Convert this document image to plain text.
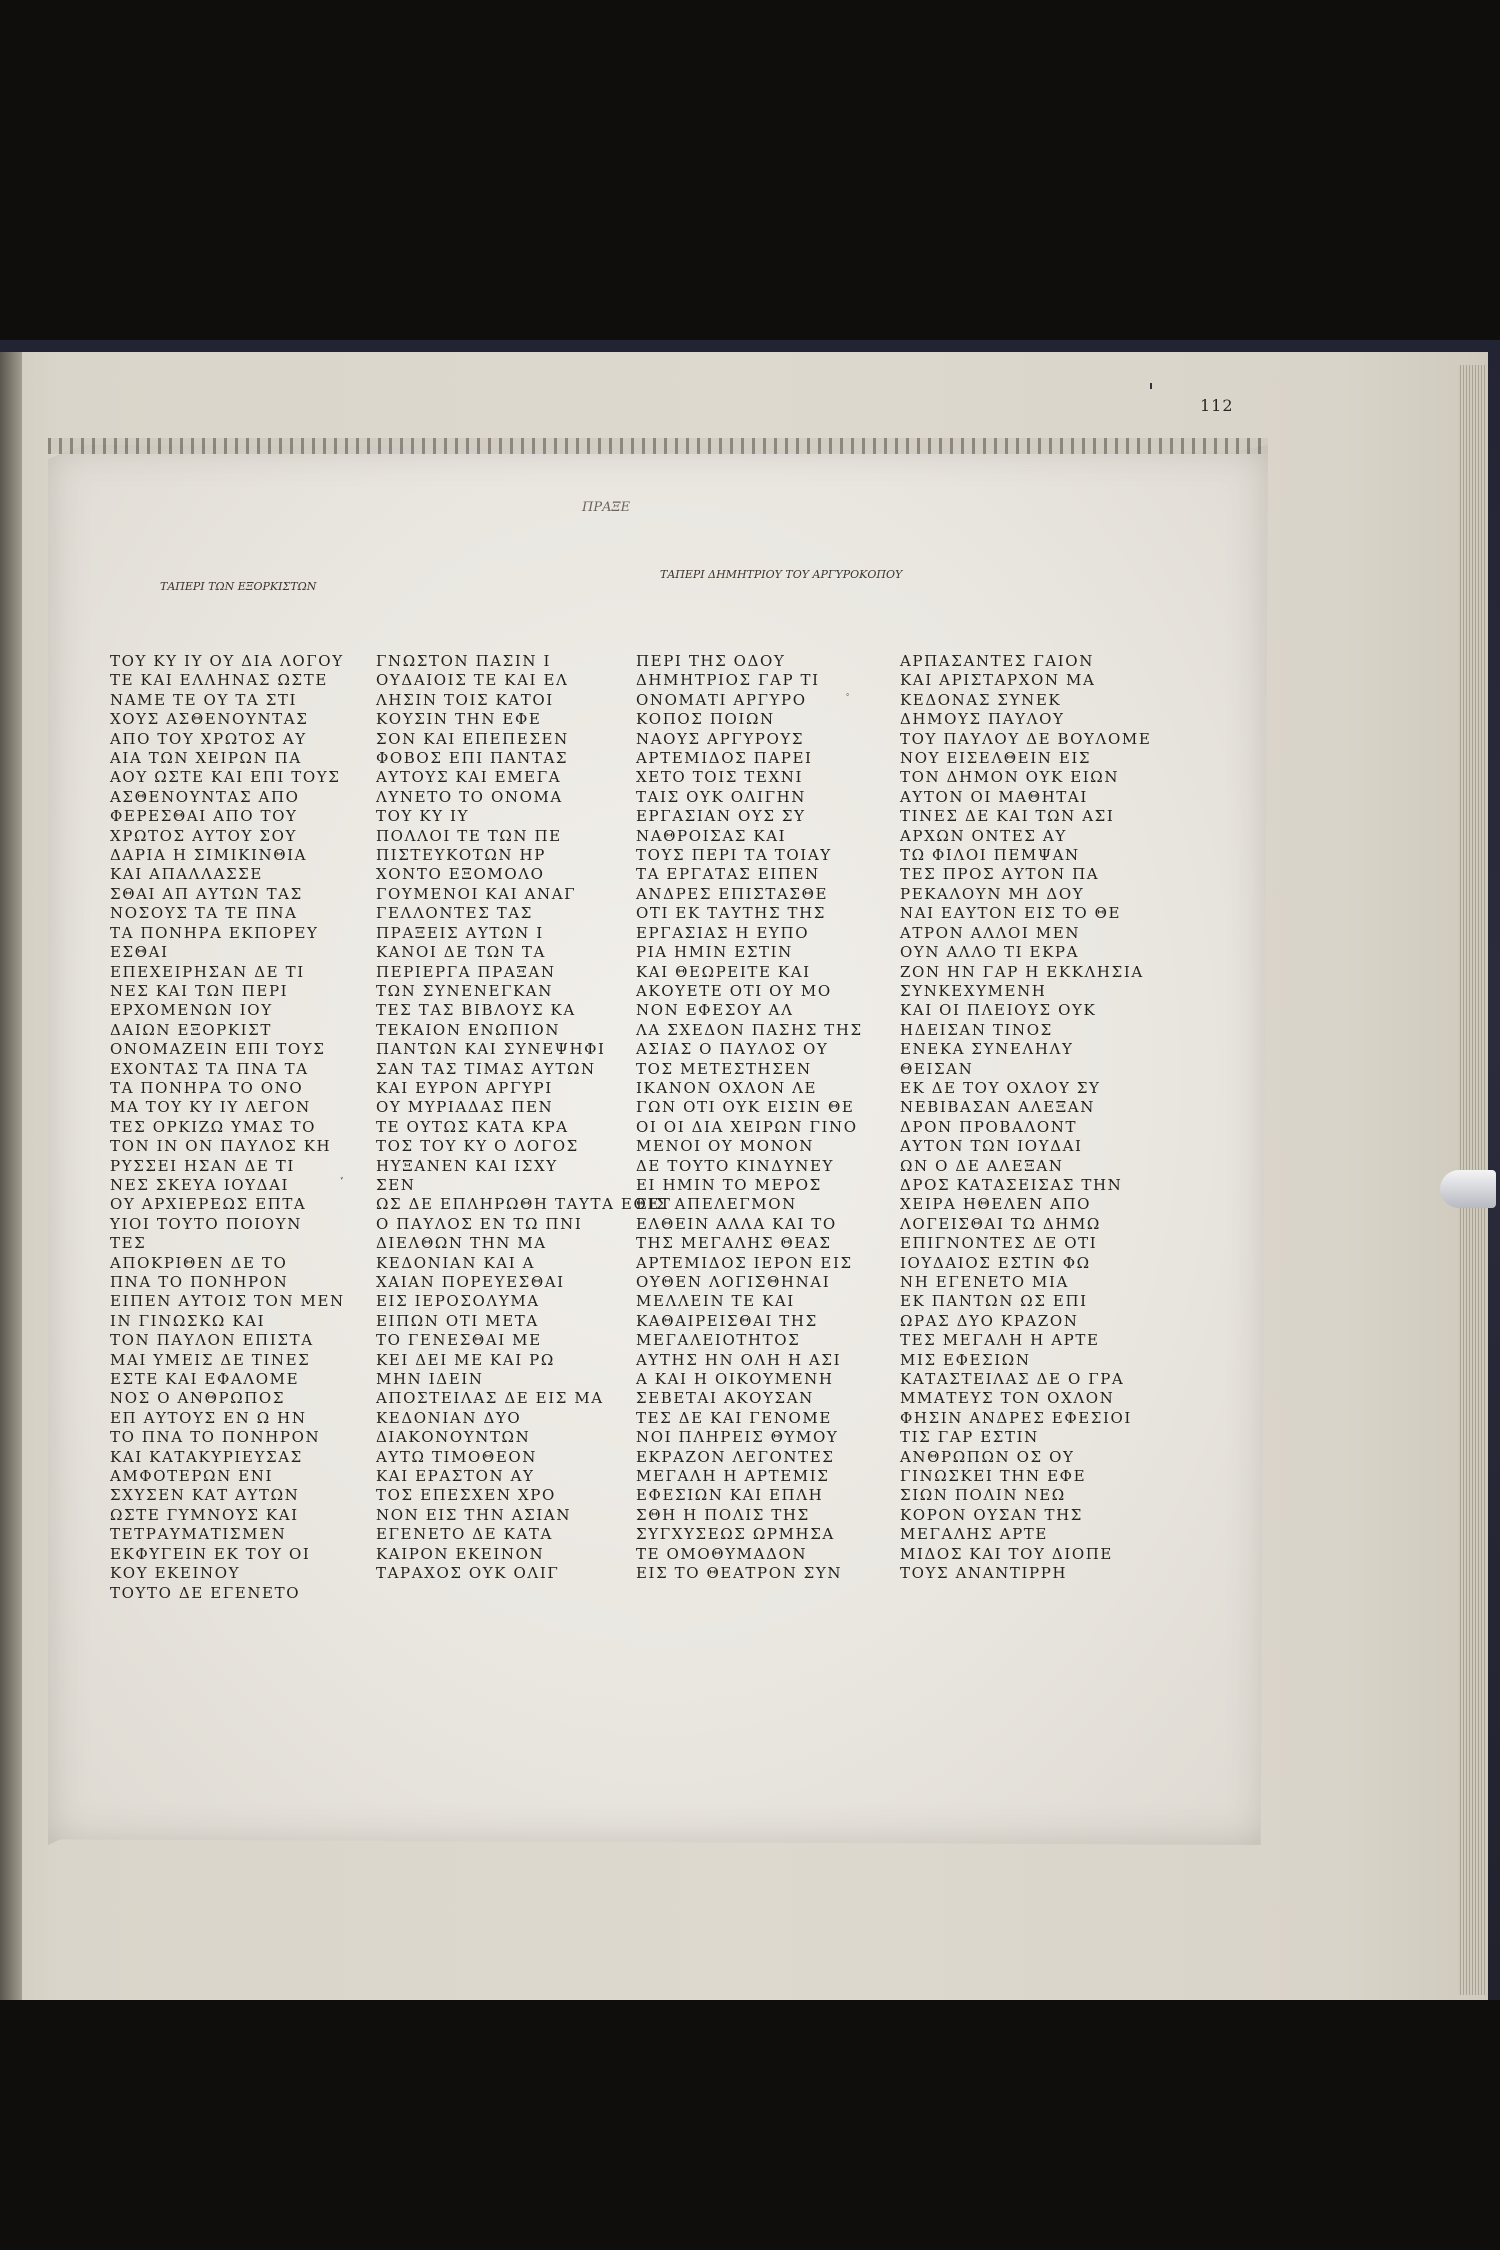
112
ΠΡΑΞΕ
ΤΑΠΕΡΙ ΤΩΝ ΕΞΟΡΚΙΣΤΩΝ
ΤΑΠΕΡΙ ΔΗΜΗΤΡΙΟΥ ΤΟΥ ΑΡΓΥΡΟΚΟΠΟΥ
ﾞ
ﾟ
ΤΟΥ ΚΥ ΙΥ ΟΥ ΔΙΑ ΛΟΓΟΥ
ΤΕ ΚΑΙ ΕΛΛΗΝΑΣ ΩΣΤΕ
ΝΑΜΕ ΤΕ ΟΥ ΤΑ ΣΤΙ
ΧΟΥΣ ΑΣΘΕΝΟΥΝΤΑΣ
ΑΠΟ ΤΟΥ ΧΡΩΤΟΣ ΑΥ
ΑΙΑ ΤΩΝ ΧΕΙΡΩΝ ΠΑ
ΑΟΥ ΩΣΤΕ ΚΑΙ ΕΠΙ ΤΟΥΣ
ΑΣΘΕΝΟΥΝΤΑΣ ΑΠΟ
ΦΕΡΕΣΘΑΙ ΑΠΟ ΤΟΥ
ΧΡΩΤΟΣ ΑΥΤΟΥ ΣΟΥ
ΔΑΡΙΑ Η ΣΙΜΙΚΙΝΘΙΑ
ΚΑΙ ΑΠΑΛΛΑΣΣΕ
ΣΘΑΙ ΑΠ ΑΥΤΩΝ ΤΑΣ
ΝΟΣΟΥΣ ΤΑ ΤΕ ΠΝΑ
ΤΑ ΠΟΝΗΡΑ ΕΚΠΟΡΕΥ
ΕΣΘΑΙ
ΕΠΕΧΕΙΡΗΣΑΝ ΔΕ ΤΙ
ΝΕΣ ΚΑΙ ΤΩΝ ΠΕΡΙ
ΕΡΧΟΜΕΝΩΝ ΙΟΥ
ΔΑΙΩΝ ΕΞΟΡΚΙΣΤ
ΟΝΟΜΑΖΕΙΝ ΕΠΙ ΤΟΥΣ
ΕΧΟΝΤΑΣ ΤΑ ΠΝΑ ΤΑ
ΤΑ ΠΟΝΗΡΑ ΤΟ ΟΝΟ
ΜΑ ΤΟΥ ΚΥ ΙΥ ΛΕΓΟΝ
ΤΕΣ ΟΡΚΙΖΩ ΥΜΑΣ ΤΟ
ΤΟΝ ΙΝ ΟΝ ΠΑΥΛΟΣ ΚΗ
ΡΥΣΣΕΙ ΗΣΑΝ ΔΕ ΤΙ
ΝΕΣ ΣΚΕΥΑ ΙΟΥΔΑΙ
ΟΥ ΑΡΧΙΕΡΕΩΣ ΕΠΤΑ
ΥΙΟΙ ΤΟΥΤΟ ΠΟΙΟΥΝ
ΤΕΣ
ΑΠΟΚΡΙΘΕΝ ΔΕ ΤΟ
ΠΝΑ ΤΟ ΠΟΝΗΡΟΝ
ΕΙΠΕΝ ΑΥΤΟΙΣ ΤΟΝ ΜΕΝ
ΙΝ ΓΙΝΩΣΚΩ ΚΑΙ
ΤΟΝ ΠΑΥΛΟΝ ΕΠΙΣΤΑ
ΜΑΙ ΥΜΕΙΣ ΔΕ ΤΙΝΕΣ
ΕΣΤΕ ΚΑΙ ΕΦΑΛΟΜΕ
ΝΟΣ Ο ΑΝΘΡΩΠΟΣ
ΕΠ ΑΥΤΟΥΣ ΕΝ Ω ΗΝ
ΤΟ ΠΝΑ ΤΟ ΠΟΝΗΡΟΝ
ΚΑΙ ΚΑΤΑΚΥΡΙΕΥΣΑΣ
ΑΜΦΟΤΕΡΩΝ ΕΝΙ
ΣΧΥΣΕΝ ΚΑΤ ΑΥΤΩΝ
ΩΣΤΕ ΓΥΜΝΟΥΣ ΚΑΙ
ΤΕΤΡΑΥΜΑΤΙΣΜΕΝ
ΕΚΦΥΓΕΙΝ ΕΚ ΤΟΥ ΟΙ
ΚΟΥ ΕΚΕΙΝΟΥ
ΤΟΥΤΟ ΔΕ ΕΓΕΝΕΤΟ
ΓΝΩΣΤΟΝ ΠΑΣΙΝ Ι
ΟΥΔΑΙΟΙΣ ΤΕ ΚΑΙ ΕΛ
ΛΗΣΙΝ ΤΟΙΣ ΚΑΤΟΙ
ΚΟΥΣΙΝ ΤΗΝ ΕΦΕ
ΣΟΝ ΚΑΙ ΕΠΕΠΕΣΕΝ
ΦΟΒΟΣ ΕΠΙ ΠΑΝΤΑΣ
ΑΥΤΟΥΣ ΚΑΙ ΕΜΕΓΑ
ΛΥΝΕΤΟ ΤΟ ΟΝΟΜΑ
ΤΟΥ ΚΥ ΙΥ
ΠΟΛΛΟΙ ΤΕ ΤΩΝ ΠΕ
ΠΙΣΤΕΥΚΟΤΩΝ ΗΡ
ΧΟΝΤΟ ΕΞΟΜΟΛΟ
ΓΟΥΜΕΝΟΙ ΚΑΙ ΑΝΑΓ
ΓΕΛΛΟΝΤΕΣ ΤΑΣ
ΠΡΑΞΕΙΣ ΑΥΤΩΝ Ι
ΚΑΝΟΙ ΔΕ ΤΩΝ ΤΑ
ΠΕΡΙΕΡΓΑ ΠΡΑΞΑΝ
ΤΩΝ ΣΥΝΕΝΕΓΚΑΝ
ΤΕΣ ΤΑΣ ΒΙΒΛΟΥΣ ΚΑ
ΤΕΚΑΙΟΝ ΕΝΩΠΙΟΝ
ΠΑΝΤΩΝ ΚΑΙ ΣΥΝΕΨΗΦΙ
ΣΑΝ ΤΑΣ ΤΙΜΑΣ ΑΥΤΩΝ
ΚΑΙ ΕΥΡΟΝ ΑΡΓΥΡΙ
ΟΥ ΜΥΡΙΑΔΑΣ ΠΕΝ
ΤΕ ΟΥΤΩΣ ΚΑΤΑ ΚΡΑ
ΤΟΣ ΤΟΥ ΚΥ Ο ΛΟΓΟΣ
ΗΥΞΑΝΕΝ ΚΑΙ ΙΣΧΥ
ΣΕΝ
ΩΣ ΔΕ ΕΠΛΗΡΩΘΗ ΤΑΥΤΑ ΕΘΕΤ
Ο ΠΑΥΛΟΣ ΕΝ ΤΩ ΠΝΙ
ΔΙΕΛΘΩΝ ΤΗΝ ΜΑ
ΚΕΔΟΝΙΑΝ ΚΑΙ Α
ΧΑΙΑΝ ΠΟΡΕΥΕΣΘΑΙ
ΕΙΣ ΙΕΡΟΣΟΛΥΜΑ
ΕΙΠΩΝ ΟΤΙ ΜΕΤΑ
ΤΟ ΓΕΝΕΣΘΑΙ ΜΕ
ΚΕΙ ΔΕΙ ΜΕ ΚΑΙ ΡΩ
ΜΗΝ ΙΔΕΙΝ
ΑΠΟΣΤΕΙΛΑΣ ΔΕ ΕΙΣ ΜΑ
ΚΕΔΟΝΙΑΝ ΔΥΟ
ΔΙΑΚΟΝΟΥΝΤΩΝ
ΑΥΤΩ ΤΙΜΟΘΕΟΝ
ΚΑΙ ΕΡΑΣΤΟΝ ΑΥ
ΤΟΣ ΕΠΕΣΧΕΝ ΧΡΟ
ΝΟΝ ΕΙΣ ΤΗΝ ΑΣΙΑΝ
ΕΓΕΝΕΤΟ ΔΕ ΚΑΤΑ
ΚΑΙΡΟΝ ΕΚΕΙΝΟΝ
ΤΑΡΑΧΟΣ ΟΥΚ ΟΛΙΓ
ΠΕΡΙ ΤΗΣ ΟΔΟΥ
ΔΗΜΗΤΡΙΟΣ ΓΑΡ ΤΙ
ΟΝΟΜΑΤΙ ΑΡΓΥΡΟ
ΚΟΠΟΣ ΠΟΙΩΝ
ΝΑΟΥΣ ΑΡΓΥΡΟΥΣ
ΑΡΤΕΜΙΔΟΣ ΠΑΡΕΙ
ΧΕΤΟ ΤΟΙΣ ΤΕΧΝΙ
ΤΑΙΣ ΟΥΚ ΟΛΙΓΗΝ
ΕΡΓΑΣΙΑΝ ΟΥΣ ΣΥ
ΝΑΘΡΟΙΣΑΣ ΚΑΙ
ΤΟΥΣ ΠΕΡΙ ΤΑ ΤΟΙΑΥ
ΤΑ ΕΡΓΑΤΑΣ ΕΙΠΕΝ
ΑΝΔΡΕΣ ΕΠΙΣΤΑΣΘΕ
ΟΤΙ ΕΚ ΤΑΥΤΗΣ ΤΗΣ
ΕΡΓΑΣΙΑΣ Η ΕΥΠΟ
ΡΙΑ ΗΜΙΝ ΕΣΤΙΝ
ΚΑΙ ΘΕΩΡΕΙΤΕ ΚΑΙ
ΑΚΟΥΕΤΕ ΟΤΙ ΟΥ ΜΟ
ΝΟΝ ΕΦΕΣΟΥ ΑΛ
ΛΑ ΣΧΕΔΟΝ ΠΑΣΗΣ ΤΗΣ
ΑΣΙΑΣ Ο ΠΑΥΛΟΣ ΟΥ
ΤΟΣ ΜΕΤΕΣΤΗΣΕΝ
ΙΚΑΝΟΝ ΟΧΛΟΝ ΛΕ
ΓΩΝ ΟΤΙ ΟΥΚ ΕΙΣΙΝ ΘΕ
ΟΙ ΟΙ ΔΙΑ ΧΕΙΡΩΝ ΓΙΝΟ
ΜΕΝΟΙ ΟΥ ΜΟΝΟΝ
ΔΕ ΤΟΥΤΟ ΚΙΝΔΥΝΕΥ
ΕΙ ΗΜΙΝ ΤΟ ΜΕΡΟΣ
ΕΙΣ ΑΠΕΛΕΓΜΟΝ
ΕΛΘΕΙΝ ΑΛΛΑ ΚΑΙ ΤΟ
ΤΗΣ ΜΕΓΑΛΗΣ ΘΕΑΣ
ΑΡΤΕΜΙΔΟΣ ΙΕΡΟΝ ΕΙΣ
ΟΥΘΕΝ ΛΟΓΙΣΘΗΝΑΙ
ΜΕΛΛΕΙΝ ΤΕ ΚΑΙ
ΚΑΘΑΙΡΕΙΣΘΑΙ ΤΗΣ
ΜΕΓΑΛΕΙΟΤΗΤΟΣ
ΑΥΤΗΣ ΗΝ ΟΛΗ Η ΑΣΙ
Α ΚΑΙ Η ΟΙΚΟΥΜΕΝΗ
ΣΕΒΕΤΑΙ ΑΚΟΥΣΑΝ
ΤΕΣ ΔΕ ΚΑΙ ΓΕΝΟΜΕ
ΝΟΙ ΠΛΗΡΕΙΣ ΘΥΜΟΥ
ΕΚΡΑΖΟΝ ΛΕΓΟΝΤΕΣ
ΜΕΓΑΛΗ Η ΑΡΤΕΜΙΣ
ΕΦΕΣΙΩΝ ΚΑΙ ΕΠΛΗ
ΣΘΗ Η ΠΟΛΙΣ ΤΗΣ
ΣΥΓΧΥΣΕΩΣ ΩΡΜΗΣΑ
ΤΕ ΟΜΟΘΥΜΑΔΟΝ
ΕΙΣ ΤΟ ΘΕΑΤΡΟΝ ΣΥΝ
ΑΡΠΑΣΑΝΤΕΣ ΓΑΙΟΝ
ΚΑΙ ΑΡΙΣΤΑΡΧΟΝ ΜΑ
ΚΕΔΟΝΑΣ ΣΥΝΕΚ
ΔΗΜΟΥΣ ΠΑΥΛΟΥ
ΤΟΥ ΠΑΥΛΟΥ ΔΕ ΒΟΥΛΟΜΕ
ΝΟΥ ΕΙΣΕΛΘΕΙΝ ΕΙΣ
ΤΟΝ ΔΗΜΟΝ ΟΥΚ ΕΙΩΝ
ΑΥΤΟΝ ΟΙ ΜΑΘΗΤΑΙ
ΤΙΝΕΣ ΔΕ ΚΑΙ ΤΩΝ ΑΣΙ
ΑΡΧΩΝ ΟΝΤΕΣ ΑΥ
ΤΩ ΦΙΛΟΙ ΠΕΜΨΑΝ
ΤΕΣ ΠΡΟΣ ΑΥΤΟΝ ΠΑ
ΡΕΚΑΛΟΥΝ ΜΗ ΔΟΥ
ΝΑΙ ΕΑΥΤΟΝ ΕΙΣ ΤΟ ΘΕ
ΑΤΡΟΝ ΑΛΛΟΙ ΜΕΝ
ΟΥΝ ΑΛΛΟ ΤΙ ΕΚΡΑ
ΖΟΝ ΗΝ ΓΑΡ Η ΕΚΚΛΗΣΙΑ
ΣΥΝΚΕΧΥΜΕΝΗ
ΚΑΙ ΟΙ ΠΛΕΙΟΥΣ ΟΥΚ
ΗΔΕΙΣΑΝ ΤΙΝΟΣ
ΕΝΕΚΑ ΣΥΝΕΛΗΛΥ
ΘΕΙΣΑΝ
ΕΚ ΔΕ ΤΟΥ ΟΧΛΟΥ ΣΥ
ΝΕΒΙΒΑΣΑΝ ΑΛΕΞΑΝ
ΔΡΟΝ ΠΡΟΒΑΛΟΝΤ
ΑΥΤΟΝ ΤΩΝ ΙΟΥΔΑΙ
ΩΝ Ο ΔΕ ΑΛΕΞΑΝ
ΔΡΟΣ ΚΑΤΑΣΕΙΣΑΣ ΤΗΝ
ΧΕΙΡΑ ΗΘΕΛΕΝ ΑΠΟ
ΛΟΓΕΙΣΘΑΙ ΤΩ ΔΗΜΩ
ΕΠΙΓΝΟΝΤΕΣ ΔΕ ΟΤΙ
ΙΟΥΔΑΙΟΣ ΕΣΤΙΝ ΦΩ
ΝΗ ΕΓΕΝΕΤΟ ΜΙΑ
ΕΚ ΠΑΝΤΩΝ ΩΣ ΕΠΙ
ΩΡΑΣ ΔΥΟ ΚΡΑΖΟΝ
ΤΕΣ ΜΕΓΑΛΗ Η ΑΡΤΕ
ΜΙΣ ΕΦΕΣΙΩΝ
ΚΑΤΑΣΤΕΙΛΑΣ ΔΕ Ο ΓΡΑ
ΜΜΑΤΕΥΣ ΤΟΝ ΟΧΛΟΝ
ΦΗΣΙΝ ΑΝΔΡΕΣ ΕΦΕΣΙΟΙ
ΤΙΣ ΓΑΡ ΕΣΤΙΝ
ΑΝΘΡΩΠΩΝ ΟΣ ΟΥ
ΓΙΝΩΣΚΕΙ ΤΗΝ ΕΦΕ
ΣΙΩΝ ΠΟΛΙΝ ΝΕΩ
ΚΟΡΟΝ ΟΥΣΑΝ ΤΗΣ
ΜΕΓΑΛΗΣ ΑΡΤΕ
ΜΙΔΟΣ ΚΑΙ ΤΟΥ ΔΙΟΠΕ
ΤΟΥΣ ΑΝΑΝΤΙΡΡΗ
